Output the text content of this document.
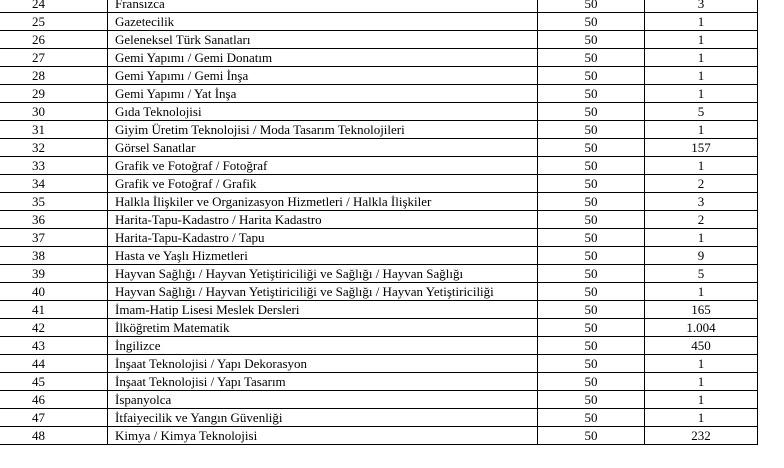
24	Fransızca	50	3
25	Gazetecilik	50	1
26	Geleneksel Türk Sanatları	50	1
27	Gemi Yapımı / Gemi Donatım	50	1
28	Gemi Yapımı / Gemi İnşa	50	1
29	Gemi Yapımı / Yat İnşa	50	1
30	Gıda Teknolojisi	50	5
31	Giyim Üretim Teknolojisi / Moda Tasarım Teknolojileri	50	1
32	Görsel Sanatlar	50	157
33	Grafik ve Fotoğraf / Fotoğraf	50	1
34	Grafik ve Fotoğraf / Grafik	50	2
35	Halkla İlişkiler ve Organizasyon Hizmetleri / Halkla İlişkiler	50	3
36	Harita-Tapu-Kadastro / Harita Kadastro	50	2
37	Harita-Tapu-Kadastro / Tapu	50	1
38	Hasta ve Yaşlı Hizmetleri	50	9
39	Hayvan Sağlığı / Hayvan Yetiştiriciliği ve Sağlığı / Hayvan Sağlığı	50	5
40	Hayvan Sağlığı / Hayvan Yetiştiriciliği ve Sağlığı / Hayvan Yetiştiriciliği	50	1
41	İmam-Hatip Lisesi Meslek Dersleri	50	165
42	İlköğretim Matematik	50	1.004
43	İngilizce	50	450
44	İnşaat Teknolojisi / Yapı Dekorasyon	50	1
45	İnşaat Teknolojisi / Yapı Tasarım	50	1
46	İspanyolca	50	1
47	İtfaiyecilik ve Yangın Güvenliği	50	1
48	Kimya / Kimya Teknolojisi	50	232
